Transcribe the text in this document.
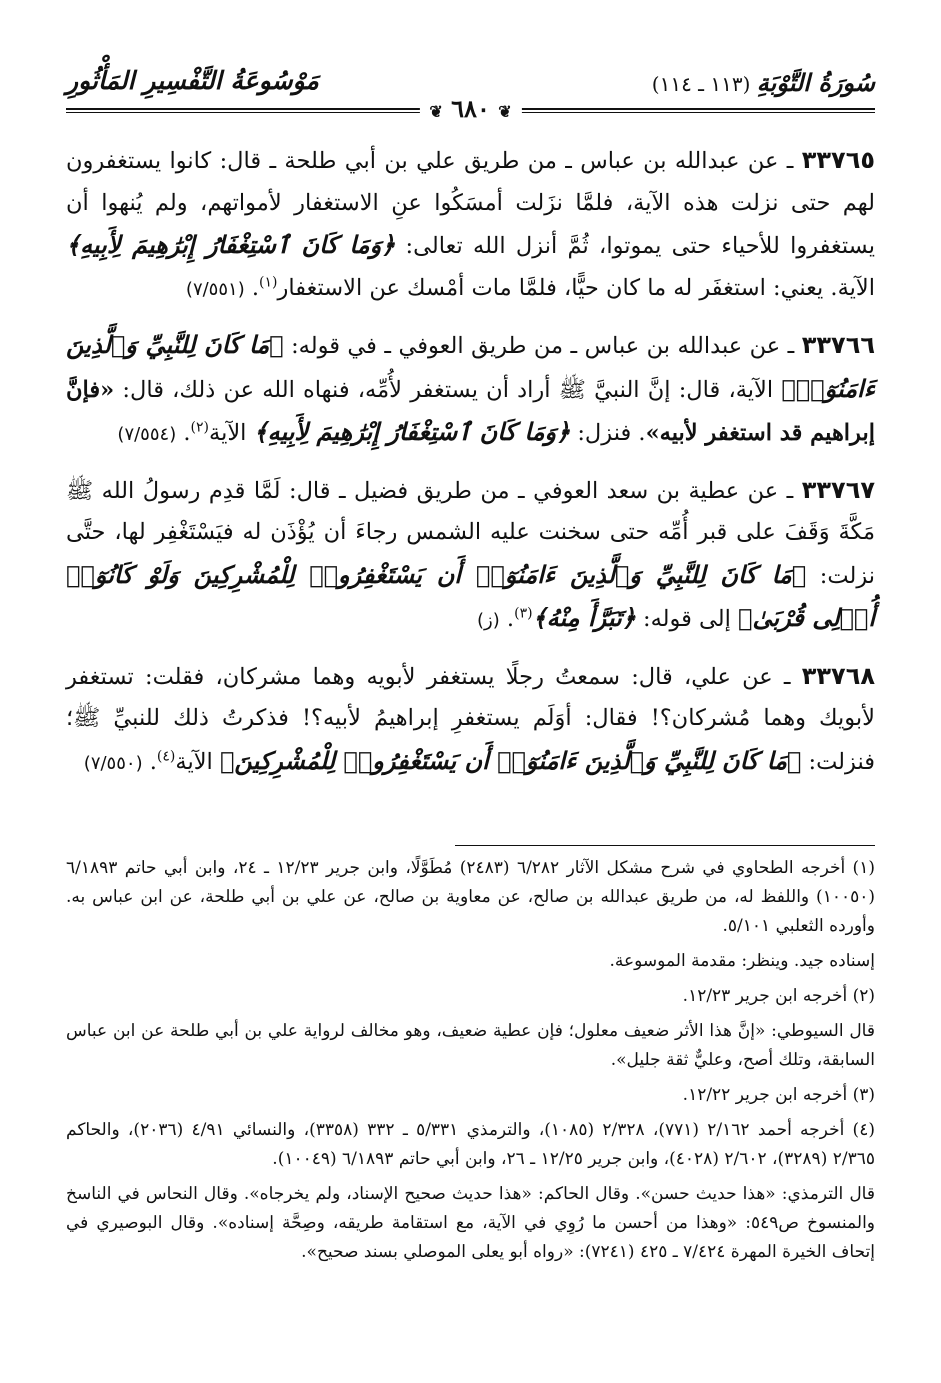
سُورَةُ التَّوْبَةِ (١١٣ ـ ١١٤)
مَوْسُوعَةُ التَّفْسِيرِ المَأْثُورِ
❦ ٦٨٠ ❦

٣٣٧٦٥ ـ عن عبدالله بن عباس ـ من طريق علي بن أبي طلحة ـ قال: كانوا يستغفرون لهم حتى نزلت هذه الآية، فلمَّا نزَلت أمسَكُوا عنِ الاستغفار لأمواتهم، ولم يُنهوا أن يستغفروا للأحياء حتى يموتوا، ثُمَّ أنزل الله تعالى: ﴿وَمَا كَانَ ٱسْتِغْفَارُ إِبْرَٰهِيمَ لِأَبِيهِ﴾ الآية. يعني: استغفَر له ما كان حيًّا، فلمَّا مات أمْسك عن الاستغفار$^{(١)}$. (٧/٥٥١)

٣٣٧٦٦ ـ عن عبدالله بن عباس ـ من طريق العوفي ـ في قوله: ﴿مَا كَانَ لِلنَّبِيِّ وَٱلَّذِينَ ءَامَنُوٓا۟﴾ الآية، قال: إنَّ النبيَّ ﷺ أراد أن يستغفر لأُمِّه، فنهاه الله عن ذلك، قال: «فإنَّ إبراهيم قد استغفر لأبيه». فنزل: ﴿وَمَا كَانَ ٱسْتِغْفَارُ إِبْرَٰهِيمَ لِأَبِيهِ﴾ الآية$^{(٢)}$. (٧/٥٥٤)

٣٣٧٦٧ ـ عن عطية بن سعد العوفي ـ من طريق فضيل ـ قال: لَمَّا قدِم رسولُ الله ﷺ مَكَّةَ وَقَفَ على قبر أُمِّه حتى سخنت عليه الشمس رجاءَ أن يُؤْذَن له فيَسْتَغْفِر لها، حتَّى نزلت: ﴿مَا كَانَ لِلنَّبِيِّ وَٱلَّذِينَ ءَامَنُوٓا۟ أَن يَسْتَغْفِرُوا۟ لِلْمُشْرِكِينَ وَلَوْ كَانُوٓا۟ أُو۟لِى قُرْبَىٰ﴾ إلى قوله: ﴿تَبَرَّأَ مِنْهُ﴾$^{(٣)}$. (ز)

٣٣٧٦٨ ـ عن علي، قال: سمعتُ رجلًا يستغفر لأبويه وهما مشركان، فقلت: تستغفر لأبويك وهما مُشركان؟! فقال: أوَلَم يستغفرِ إبراهيمُ لأبيه؟! فذكرتُ ذلك للنبيِّ ﷺ؛ فنزلت: ﴿مَا كَانَ لِلنَّبِيِّ وَٱلَّذِينَ ءَامَنُوٓا۟ أَن يَسْتَغْفِرُوا۟ لِلْمُشْرِكِينَ﴾ الآية$^{(٤)}$. (٧/٥٥٠)

(١) أخرجه الطحاوي في شرح مشكل الآثار ٦/٢٨٢ (٢٤٨٣) مُطَوَّلًا، وابن جرير ١٢/٢٣ ـ ٢٤، وابن أبي حاتم ٦/١٨٩٣ (١٠٠٥٠) واللفظ له، من طريق عبدالله بن صالح، عن معاوية بن صالح، عن علي بن أبي طلحة، عن ابن عباس به. وأورده الثعلبي ٥/١٠١.

إسناده جيد. وينظر: مقدمة الموسوعة.

(٢) أخرجه ابن جرير ١٢/٢٣.

قال السيوطي: «إنَّ هذا الأثر ضعيف معلول؛ فإن عطية ضعيف، وهو مخالف لرواية علي بن أبي طلحة عن ابن عباس السابقة، وتلك أصح، وعليٌّ ثقة جليل».

(٣) أخرجه ابن جرير ١٢/٢٢.

(٤) أخرجه أحمد ٢/١٦٢ (٧٧١)، ٢/٣٢٨ (١٠٨٥)، والترمذي ٥/٣٣١ ـ ٣٣٢ (٣٣٥٨)، والنسائي ٤/٩١ (٢٠٣٦)، والحاكم ٢/٣٦٥ (٣٢٨٩)، ٢/٦٠٢ (٤٠٢٨)، وابن جرير ١٢/٢٥ ـ ٢٦، وابن أبي حاتم ٦/١٨٩٣ (١٠٠٤٩).

قال الترمذي: «هذا حديث حسن». وقال الحاكم: «هذا حديث صحيح الإسناد، ولم يخرجاه». وقال النحاس في الناسخ والمنسوخ ص٥٤٩: «وهذا من أحسن ما رُوِي في الآية، مع استقامة طريقه، وصِحَّة إسناده». وقال البوصيري في إتحاف الخيرة المهرة ٧/٤٢٤ ـ ٤٢٥ (٧٢٤١): «رواه أبو يعلى الموصلي بسند صحيح».
